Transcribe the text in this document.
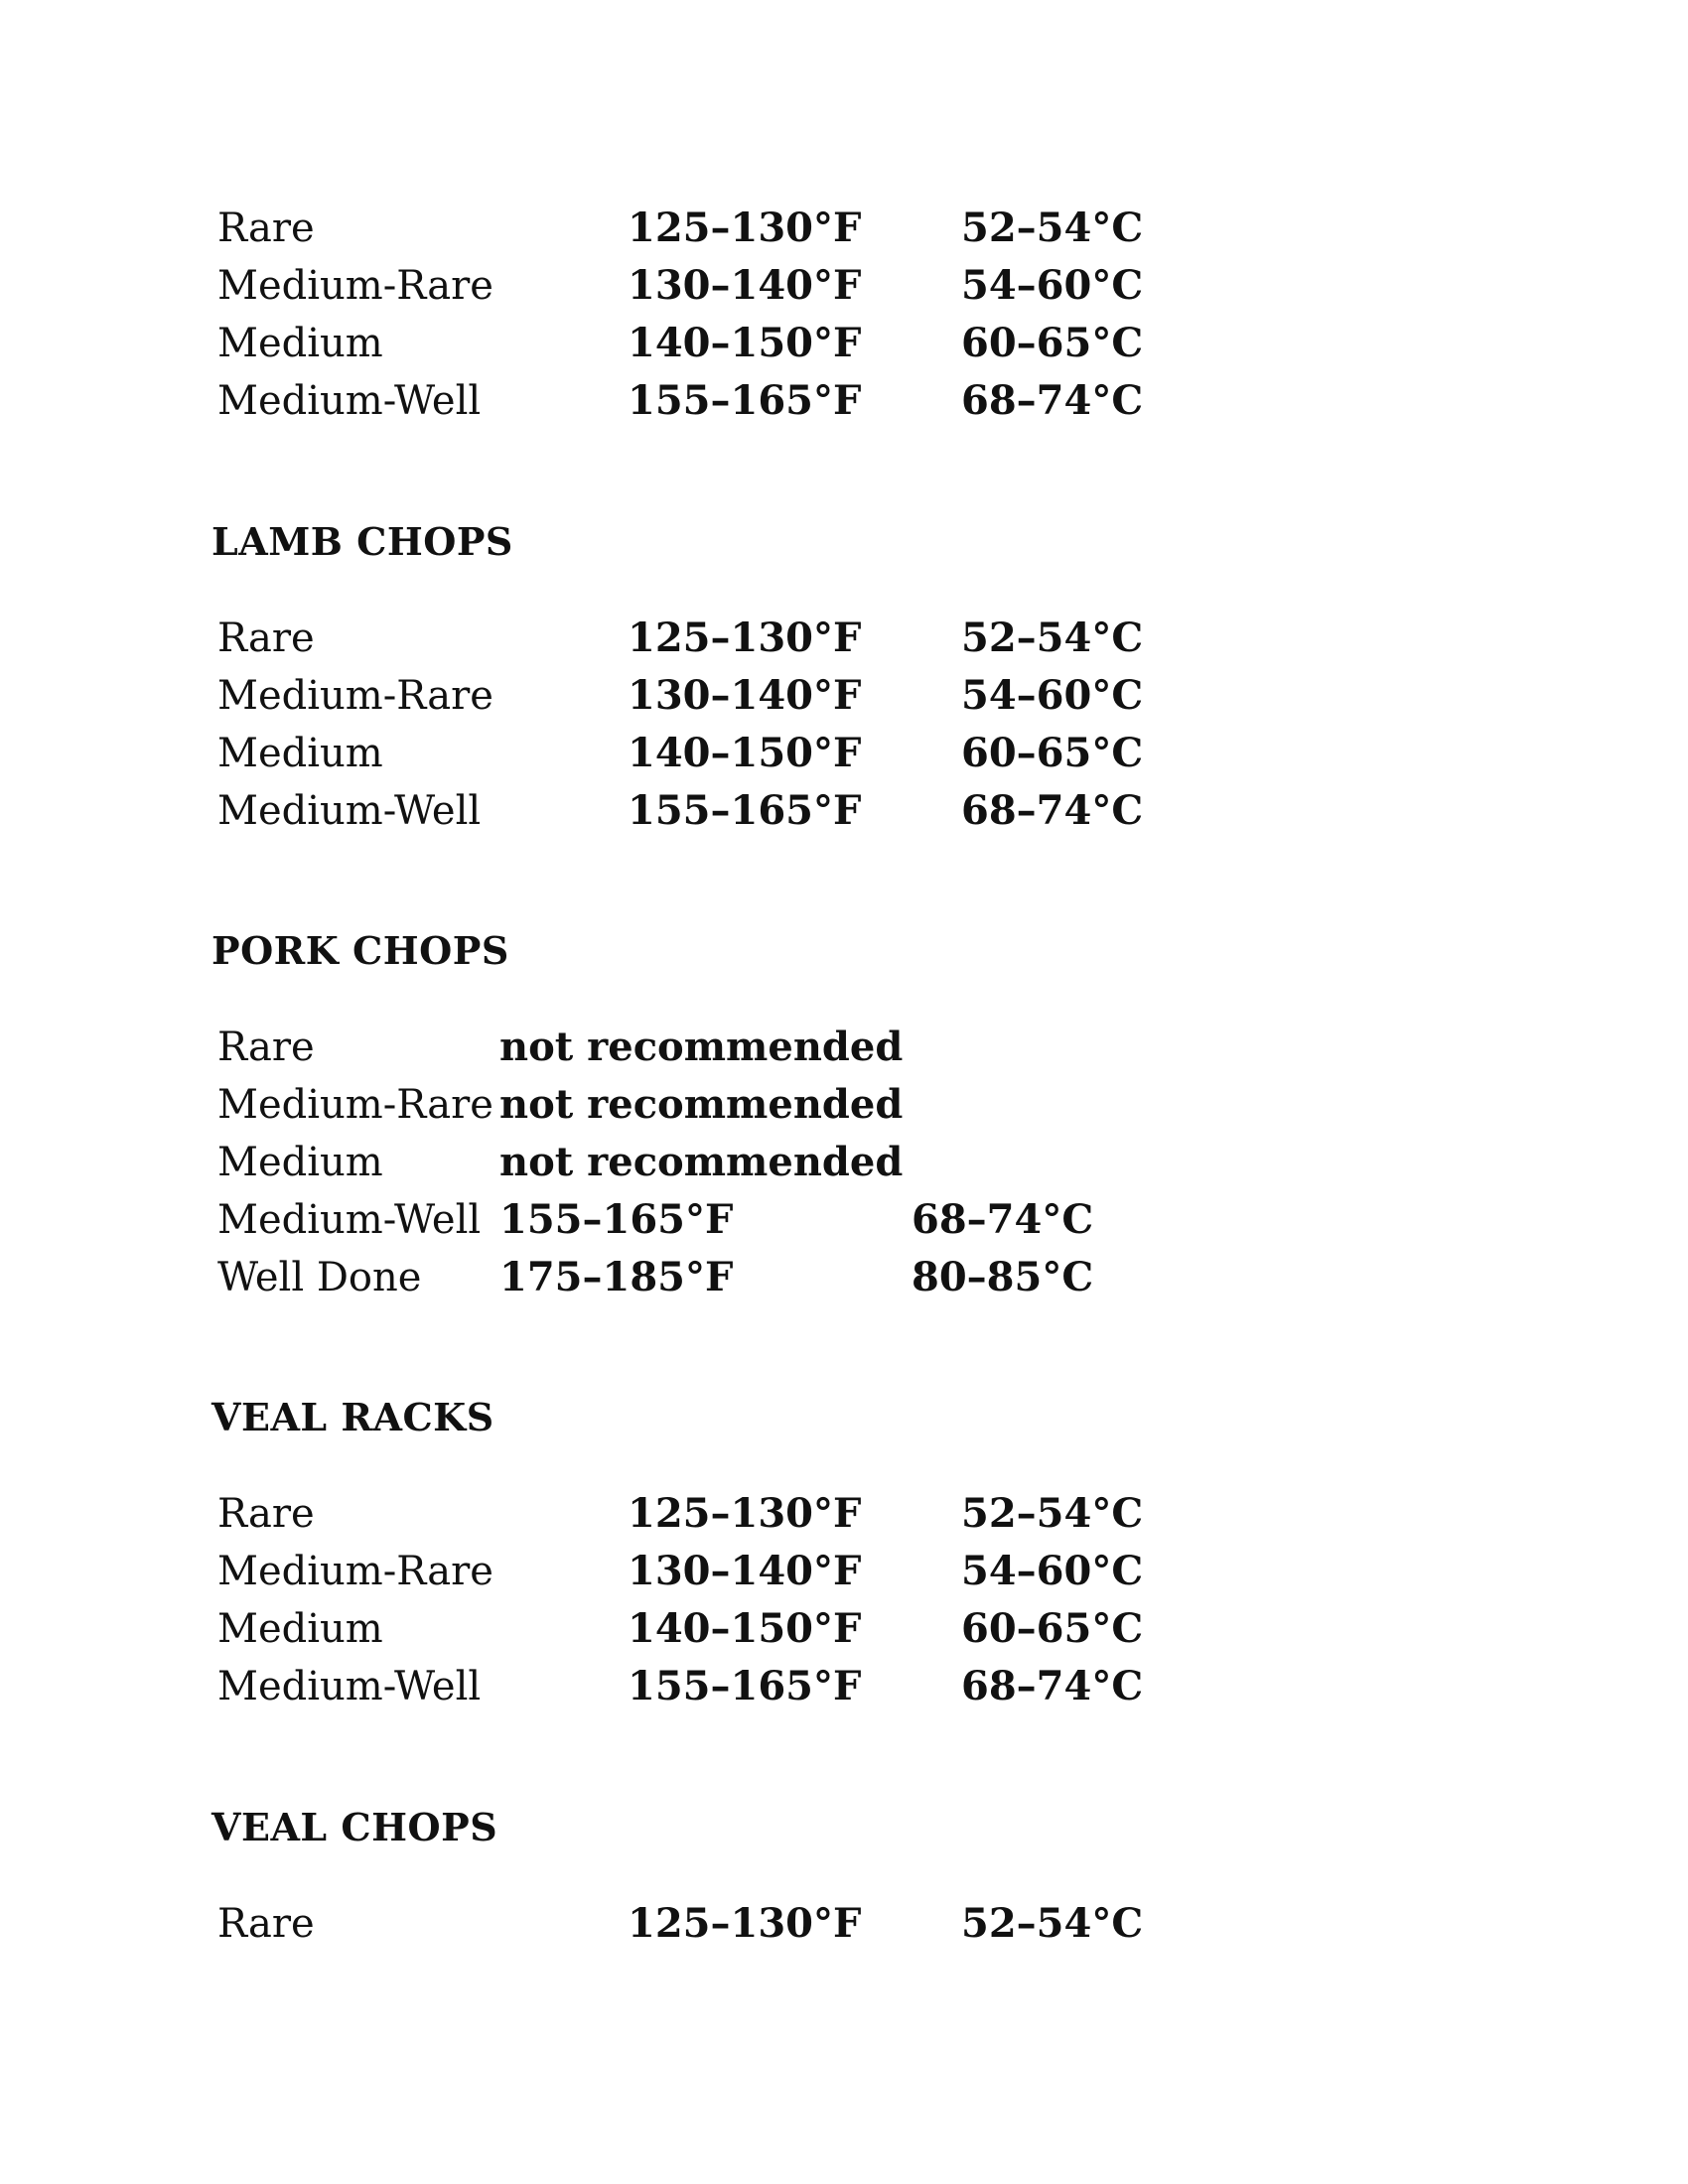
Rare	125–130°F	52–54°C
Medium-Rare	130–140°F	54–60°C
Medium	140–150°F	60–65°C
Medium-Well	155–165°F	68–74°C
LAMB CHOPS
Rare	125–130°F	52–54°C
Medium-Rare	130–140°F	54–60°C
Medium	140–150°F	60–65°C
Medium-Well	155–165°F	68–74°C
PORK CHOPS
Rare	not recommended
Medium-Rare not recommended
Medium	not recommended
Medium-Well 155–165°F	68–74°C
Well Done 175–185°F	80–85°C
VEAL RACKS
Rare	125–130°F	52–54°C
Medium-Rare	130–140°F	54–60°C
Medium	140–150°F	60–65°C
Medium-Well	155–165°F	68–74°C
VEAL CHOPS
Rare	125–130°F	52–54°C
